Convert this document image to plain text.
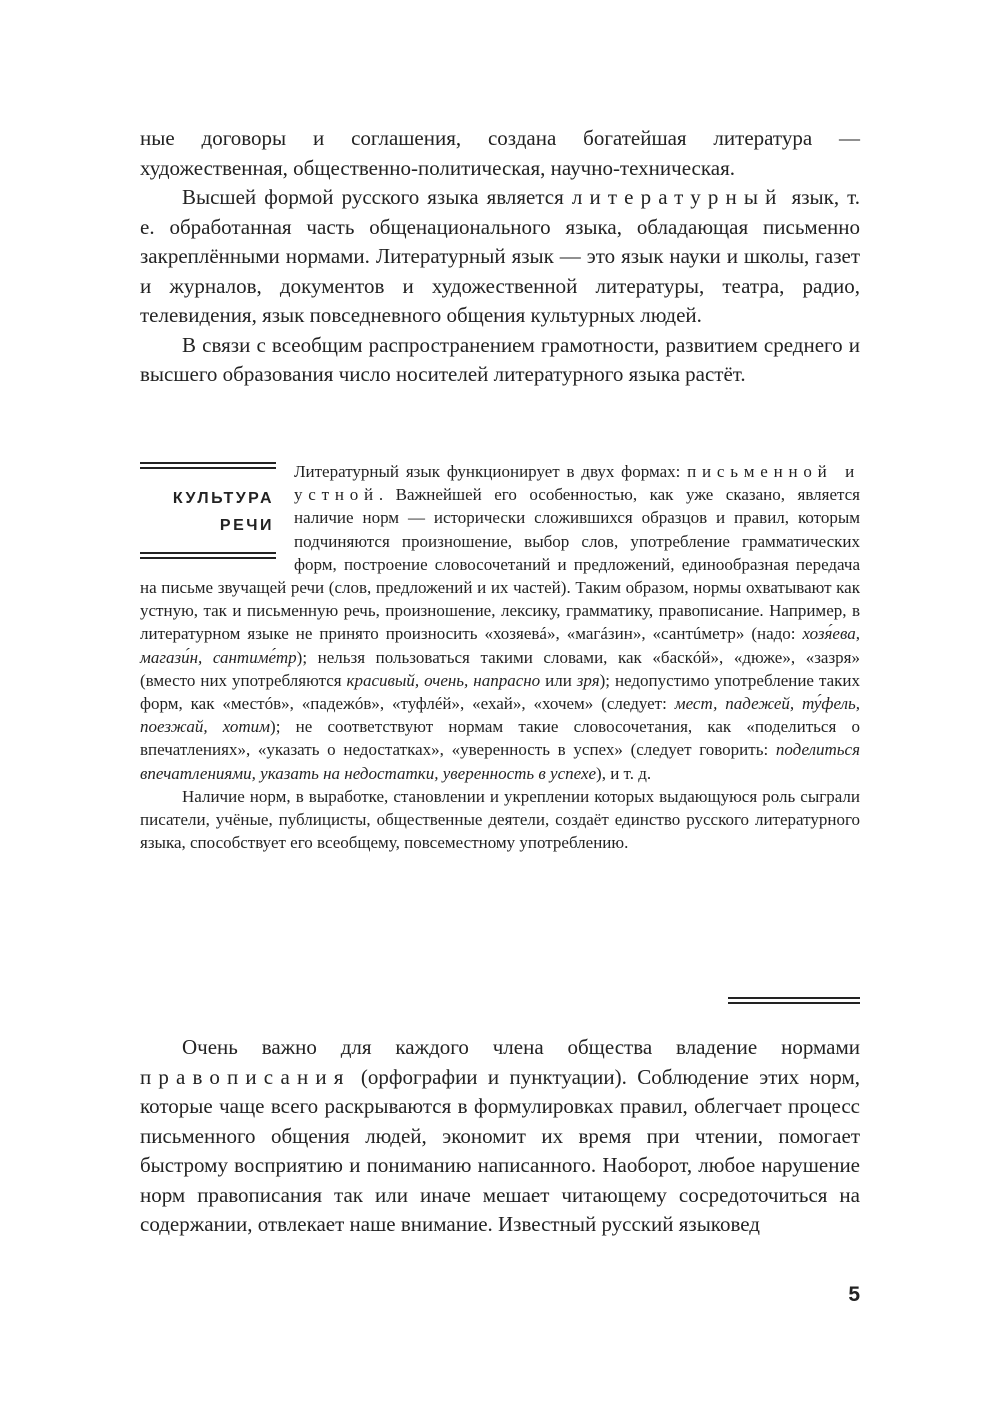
ные договоры и соглашения, создана богатейшая литература — художественная, общественно-политическая, научно-техническая.

Высшей формой русского языка является литературный язык, т. е. обработанная часть общенационального языка, обладающая письменно закреплёнными нормами. Литературный язык — это язык науки и школы, газет и журналов, документов и художественной литературы, театра, радио, телевидения, язык повседневного общения культурных людей.

В связи с всеобщим распространением грамотности, развитием среднего и высшего образования число носителей литературного языка растёт.

КУЛЬТУРА
РЕЧИ

Литературный язык функционирует в двух формах: письменной и устной. Важнейшей его особенностью, как уже сказано, является наличие норм — исторически сложившихся образцов и правил, которым подчиняются произношение, выбор слов, употребление грамматических форм, построение словосочетаний и предложений, единообразная передача на письме звучащей речи (слов, предложений и их частей). Таким образом, нормы охватывают как устную, так и письменную речь, произношение, лексику, грамматику, правописание. Например, в литературном языке не принято произносить «хозяевá», «магáзин», «сантúметр» (надо: хозя́ева, магази́н, сантиме́тр); нельзя пользоваться такими словами, как «баскóй», «дюже», «зазря» (вместо них употребляются красивый, очень, напрасно или зря); недопустимо употребление таких форм, как «местóв», «падежóв», «туфлéй», «ехай», «хочем» (следует: мест, падежей, ту́фель, поезжай, хотим); не соответствуют нормам такие словосочетания, как «поделиться о впечатлениях», «указать о недостатках», «уверенность в успех» (следует говорить: поделиться впечатлениями, указать на недостатки, уверенность в успехе), и т. д.

Наличие норм, в выработке, становлении и укреплении которых выдающуюся роль сыграли писатели, учёные, публицисты, общественные деятели, создаёт единство русского литературного языка, способствует его всеобщему, повсеместному употреблению.

Очень важно для каждого члена общества владение нормами правописания (орфографии и пунктуации). Соблюдение этих норм, которые чаще всего раскрываются в формулировках правил, облегчает процесс письменного общения людей, экономит их время при чтении, помогает быстрому восприятию и пониманию написанного. Наоборот, любое нарушение норм правописания так или иначе мешает читающему сосредоточиться на содержании, отвлекает наше внимание. Известный русский языковед

5
